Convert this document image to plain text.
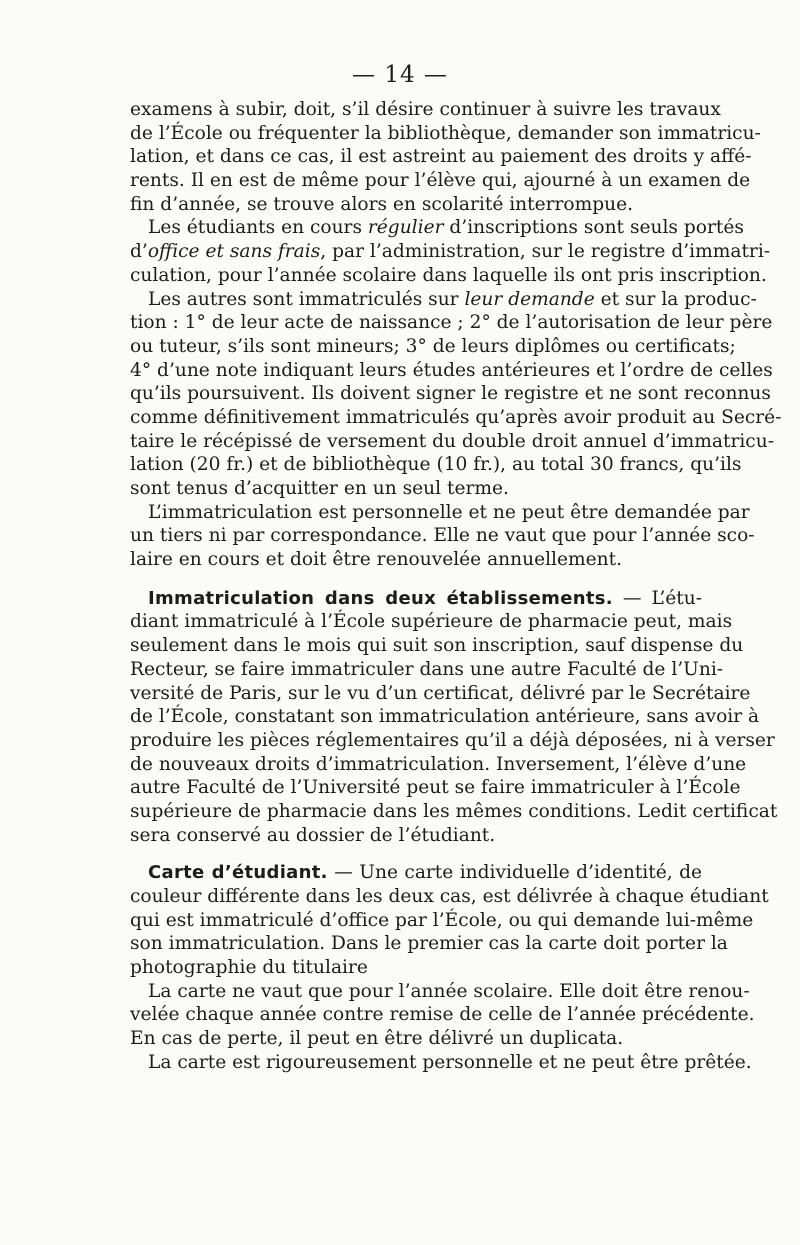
— 14 —
examens à subir, doit, s’il désire continuer à suivre les travaux
de l’École ou fréquenter la bibliothèque, demander son immatricu-
lation, et dans ce cas, il est astreint au paiement des droits y affé-
rents. Il en est de même pour l’élève qui, ajourné à un examen de
fin d’année, se trouve alors en scolarité interrompue.
Les étudiants en cours régulier d’inscriptions sont seuls portés
d’office et sans frais, par l’administration, sur le registre d’immatri-
culation, pour l’année scolaire dans laquelle ils ont pris inscription.
Les autres sont immatriculés sur leur demande et sur la produc-
tion : 1° de leur acte de naissance ; 2° de l’autorisation de leur père
ou tuteur, s’ils sont mineurs; 3° de leurs diplômes ou certificats;
4° d’une note indiquant leurs études antérieures et l’ordre de celles
qu’ils poursuivent. Ils doivent signer le registre et ne sont reconnus
comme définitivement immatriculés qu’après avoir produit au Secré-
taire le récépissé de versement du double droit annuel d’immatricu-
lation (20 fr.) et de bibliothèque (10 fr.), au total 30 francs, qu’ils
sont tenus d’acquitter en un seul terme.
L’immatriculation est personnelle et ne peut être demandée par
un tiers ni par correspondance. Elle ne vaut que pour l’année sco-
laire en cours et doit être renouvelée annuellement.
Immatriculation dans deux établissements. — L’étu-
diant immatriculé à l’École supérieure de pharmacie peut, mais
seulement dans le mois qui suit son inscription, sauf dispense du
Recteur, se faire immatriculer dans une autre Faculté de l’Uni-
versité de Paris, sur le vu d’un certificat, délivré par le Secrétaire
de l’École, constatant son immatriculation antérieure, sans avoir à
produire les pièces réglementaires qu’il a déjà déposées, ni à verser
de nouveaux droits d’immatriculation. Inversement, l’élève d’une
autre Faculté de l’Université peut se faire immatriculer à l’École
supérieure de pharmacie dans les mêmes conditions. Ledit certificat
sera conservé au dossier de l’étudiant.
Carte d’étudiant. — Une carte individuelle d’identité, de
couleur différente dans les deux cas, est délivrée à chaque étudiant
qui est immatriculé d’office par l’École, ou qui demande lui-même
son immatriculation. Dans le premier cas la carte doit porter la
photographie du titulaire
La carte ne vaut que pour l’année scolaire. Elle doit être renou-
velée chaque année contre remise de celle de l’année précédente.
En cas de perte, il peut en être délivré un duplicata.
La carte est rigoureusement personnelle et ne peut être prêtée.
